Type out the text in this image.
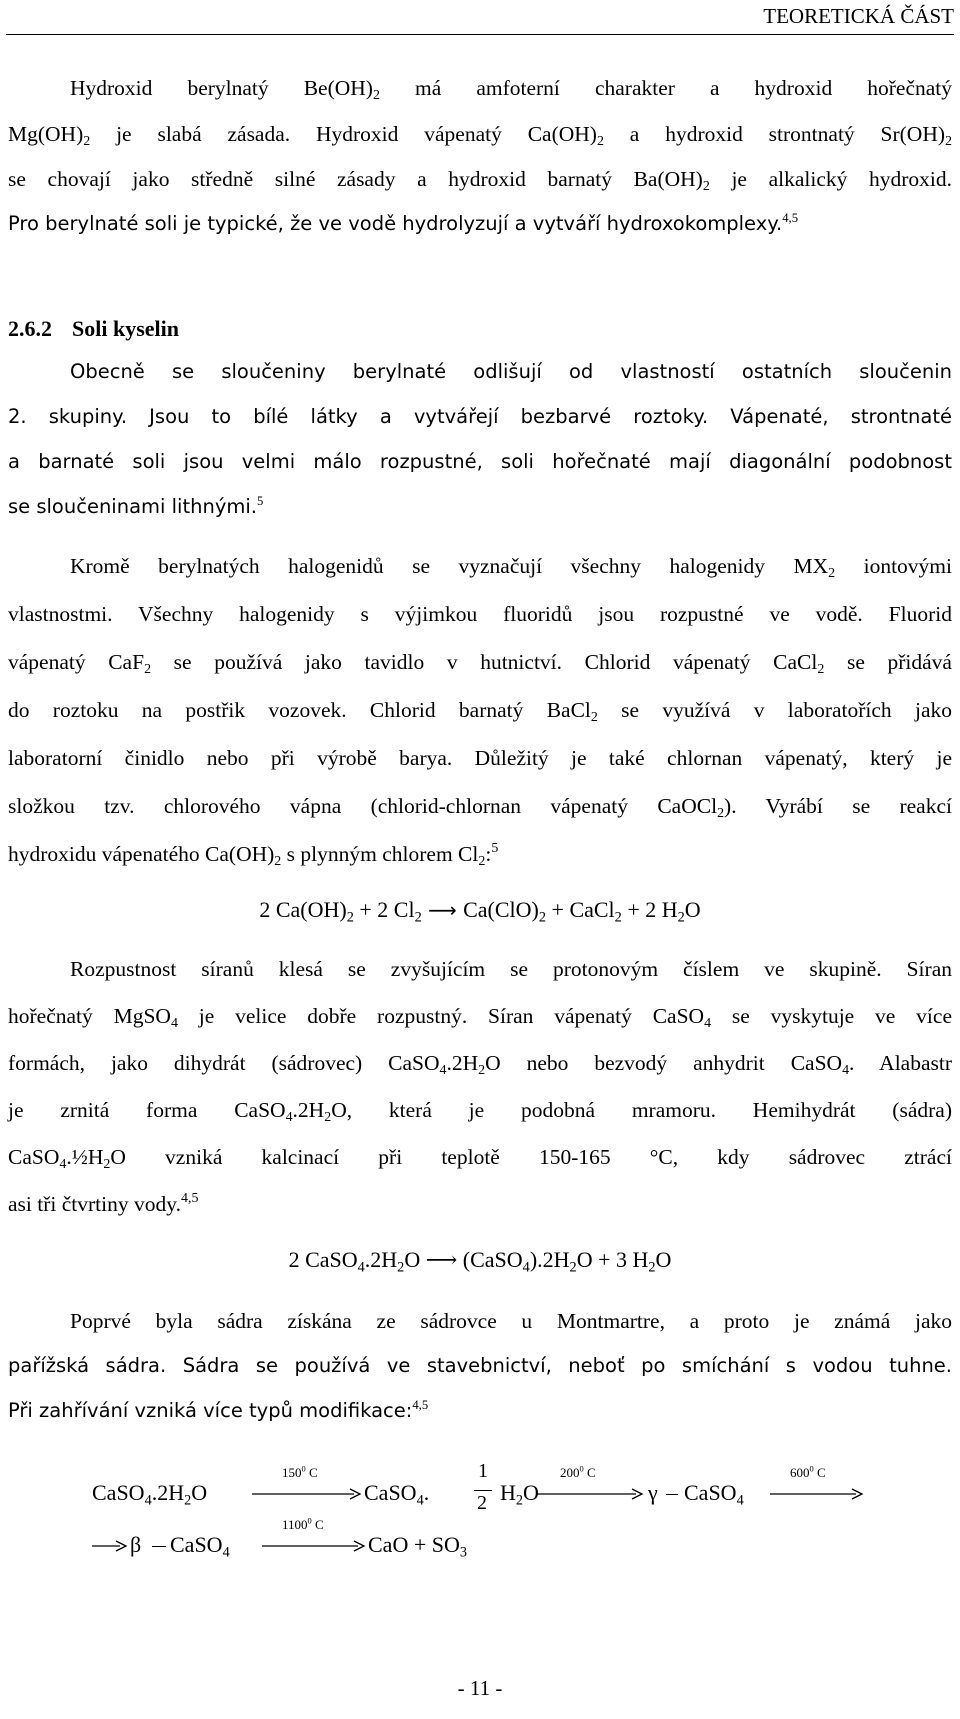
TEORETICKÁ ČÁST
Hydroxid berylnatý $Be(OH)_2$ má amfoterní charakter a hydroxid hořečnatý
$Mg(OH)_2$ je slabá zásada. Hydroxid vápenatý $Ca(OH)_2$ a hydroxid strontnatý $Sr(OH)_2$
se chovají jako středně silné zásady a hydroxid barnatý $Ba(OH)_2$ je alkalický hydroxid.
Pro berylnaté soli je typické, že ve vodě hydrolyzují a vytváří hydroxokomplexy.$^{4,5}$
2.6.2 Soli kyselin
Obecně se sloučeniny berylnaté odlišují od vlastností ostatních sloučenin
2. skupiny. Jsou to bílé látky a vytvářejí bezbarvé roztoky. Vápenaté, strontnaté
a barnaté soli jsou velmi málo rozpustné, soli hořečnaté mají diagonální podobnost
se sloučeninami lithnými.$^5$
Kromě berylnatých halogenidů se vyznačují všechny halogenidy $MX_2$ iontovými
vlastnostmi. Všechny halogenidy s výjimkou fluoridů jsou rozpustné ve vodě. Fluorid
vápenatý CaF$_2$ se používá jako tavidlo v hutnictví. Chlorid vápenatý CaCl$_2$ se přidává
do roztoku na postřik vozovek. Chlorid barnatý BaCl$_2$ se využívá v laboratořích jako
laboratorní činidlo nebo při výrobě barya. Důležitý je také chlornan vápenatý, který je
složkou tzv. chlorového vápna (chlorid-chlornan vápenatý CaOCl$_2$). Vyrábí se reakcí
hydroxidu vápenatého $Ca(OH)_2$ s plynným chlorem $Cl_2:^5$
2 $Ca(OH)_2 + 2$ $Cl_2$ ⟶ $Ca(ClO)_2$ + CaCl$_2$ + 2 $H_2O$
Rozpustnost síranů klesá se zvyšujícím se protonovým číslem ve skupině. Síran
hořečnatý MgSO$_4$ je velice dobře rozpustný. Síran vápenatý CaSO$_4$ se vyskytuje ve více
formách, jako dihydrát (sádrovec) $CaSO_4.2H_2O$ nebo bezvodý anhydrit CaSO$_4$. Alabastr
je zrnitá forma $CaSO_4.2H_2O$, která je podobná mramoru. Hemihydrát (sádra)
$CaSO_4.\frac{1}{2}H_2O$ vzniká kalcinací při teplotě 150-165 °C, kdy sádrovec ztrácí
asi tři čtvrtiny vody.$^{4,5}$
2 $CaSO_4.2H_2O$ ⟶ $(CaSO_4).2H_2O + 3$ $H_2O$
Poprvé byla sádra získána ze sádrovce u Montmartre, a proto je známá jako
pařížská sádra. Sádra se používá ve stavebnictví, neboť po smíchání s vodou tuhne.
Při zahřívání vzniká více typů modifikace:$^{4,5}$
$CaSO_4.2H_2O$
$150^0$ C
CaSO$_4$.
1
2 $H_2O$
$200^0$ C
γ CaSO$_4$
$600^0$ C
β CaSO$_4$
1100$^0$ C
CaO + $SO_3$
- 11 -
